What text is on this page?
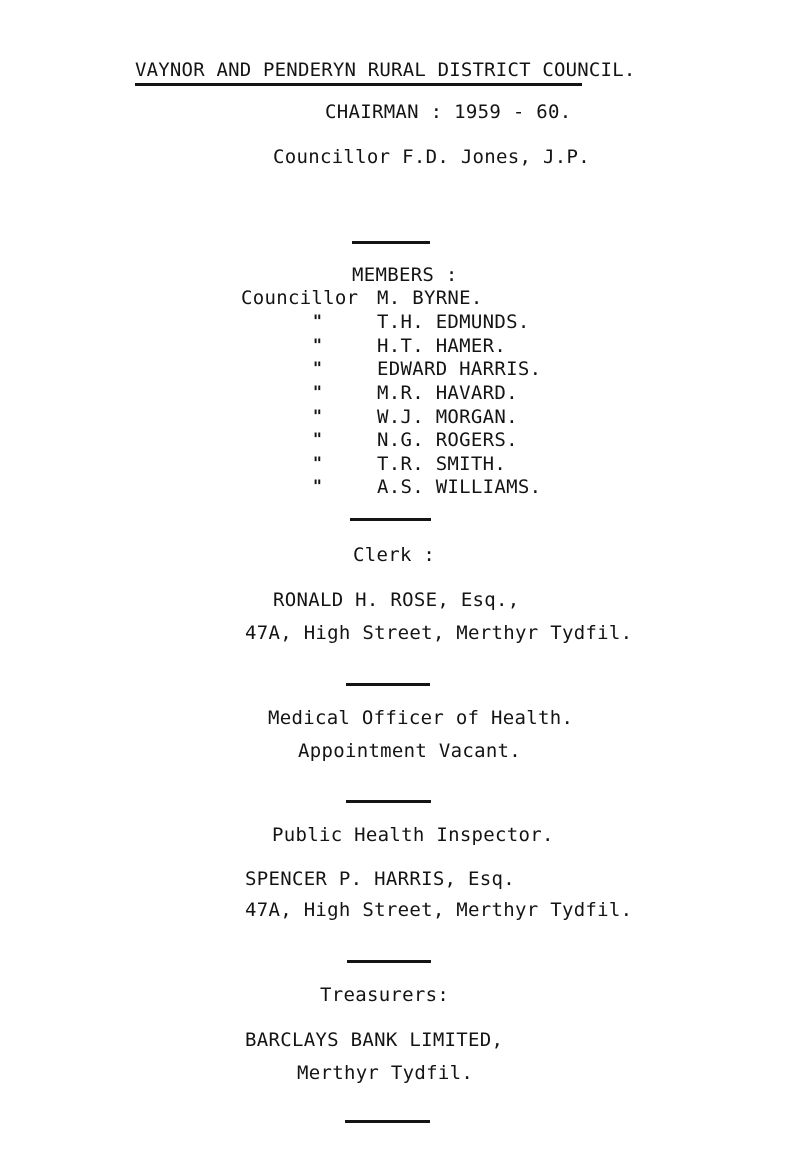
VAYNOR AND PENDERYN RURAL DISTRICT COUNCIL.
CHAIRMAN : 1959 - 60.
Councillor F.D. Jones, J.P.
MEMBERS :
Councillor M. BYRNE.
"	T.H. EDMUNDS.
"	H.T. HAMER.
"	EDWARD HARRIS.
"	M.R. HAVARD.
"	W.J. MORGAN.
"	N.G. ROGERS.
"	T.R. SMITH.
"	A.S. WILLIAMS.
Clerk :
RONALD H. ROSE, Esq.,
47A, High Street, Merthyr Tydfil.
Medical Officer of Health.
Appointment Vacant.
Public Health Inspector.
SPENCER P. HARRIS, Esq.
47A, High Street, Merthyr Tydfil.
Treasurers:
BARCLAYS BANK LIMITED,
Merthyr Tydfil.
